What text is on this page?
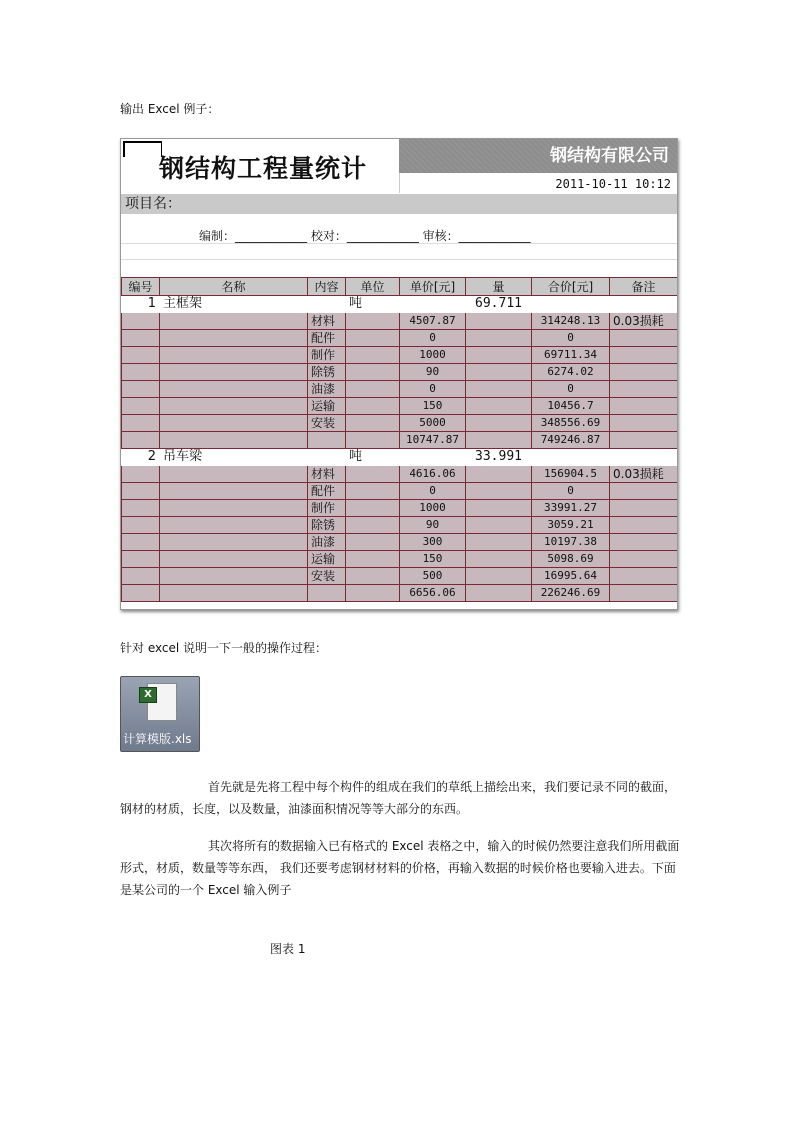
输出 Excel 例子：

钢结构工程量统计	钢结构有限公司
2011-10-11 10:12
项目名：
编制：____________ 校对：____________ 审核：____________
编号	名称	内容	单位	单价[元]	量	合价[元]	备注
1	主框架		吨		69.711		
		材料		4507.87		314248.13	0.03损耗
		配件		0		0	
		制作		1000		69711.34	
		除锈		90		6274.02	
		油漆		0		0	
		运输		150		10456.7	
		安装		5000		348556.69	
				10747.87		749246.87	
2	吊车梁		吨		33.991		
		材料		4616.06		156904.5	0.03损耗
		配件		0		0	
		制作		1000		33991.27	
		除锈		90		3059.21	
		油漆		300		10197.38	
		运输		150		5098.69	
		安装		500		16995.64	
				6656.06		226246.69	

针对 excel 说明一下一般的操作过程：

X
计算模版.xls
首先就是先将工程中每个构件的组成在我们的草纸上描绘出来，我们要记录不同的截面，
钢材的材质，长度，以及数量，油漆面积情况等等大部分的东西。
其次将所有的数据输入已有格式的 Excel 表格之中，输入的时候仍然要注意我们所用截面
形式，材质，数量等等东西， 我们还要考虑钢材材料的价格，再输入数据的时候价格也要输入进去。下面
是某公司的一个 Excel 输入例子
图表 1
